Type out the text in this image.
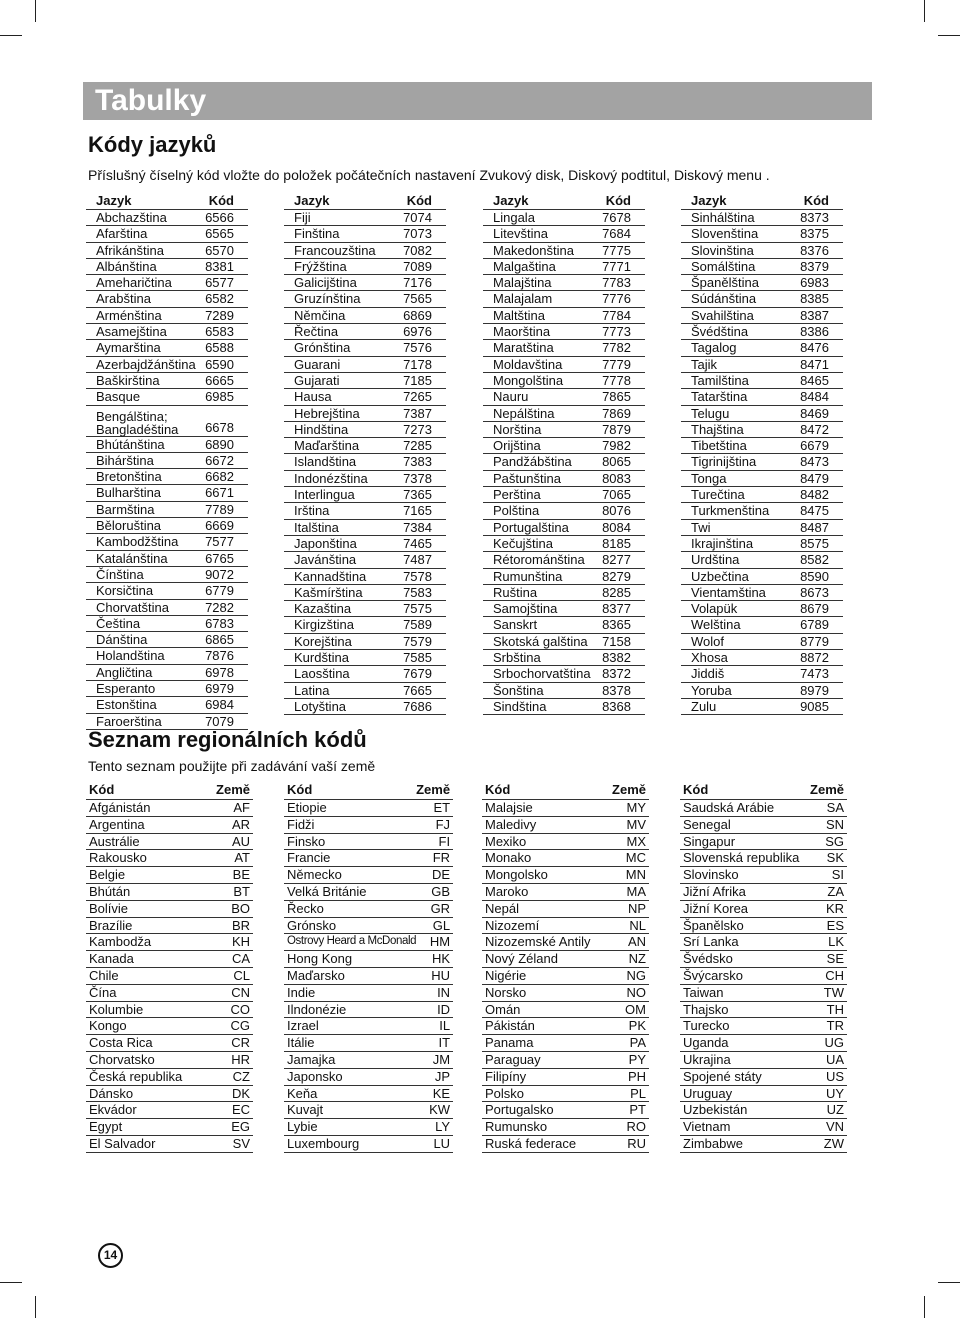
Tabulky
Kódy jazyků
Příslušný číselný kód vložte do položek počátečních nastavení Zvukový disk, Diskový podtitul, Diskový menu .
Jazyk	Kód
Abchazština	6566
Afarština	6565
Afrikánština	6570
Albánština	8381
Ameharičtina	6577
Arabština	6582
Arménština	7289
Asamejština	6583
Aymarština	6588
Azerbajdžánština	6590
Baškirština	6665
Basque	6985
Bengálština; Bangladéština	6678
Bhútánština	6890
Bihárština	6672
Bretonština	6682
Bulharština	6671
Barmština	7789
Běloruština	6669
Kambodžština	7577
Katalánština	6765
Čínština	9072
Korsičtina	6779
Chorvatština	7282
Čeština	6783
Dánština	6865
Holandština	7876
Angličtina	6978
Esperanto	6979
Estonština	6984
Faroerština	7079
Jazyk	Kód
Fiji	7074
Finština	7073
Francouzština	7082
Frýžština	7089
Galicijština	7176
Gruzínština	7565
Němčina	6869
Řečtina	6976
Grónština	7576
Guarani	7178
Gujarati	7185
Hausa	7265
Hebrejština	7387
Hindština	7273
Maďarština	7285
Islandština	7383
Indonézština	7378
Interlingua	7365
Irština	7165
Italština	7384
Japonština	7465
Javánština	7487
Kannadština	7578
Kašmírština	7583
Kazaština	7575
Kirgizština	7589
Korejština	7579
Kurdština	7585
Laosština	7679
Latina	7665
Lotyština	7686
Jazyk	Kód
Lingala	7678
Litevština	7684
Makedonština	7775
Malgaština	7771
Malajština	7783
Malajalam	7776
Maltština	7784
Maorština	7773
Maratština	7782
Moldavština	7779
Mongolština	7778
Nauru	7865
Nepálština	7869
Norština	7879
Orijština	7982
Pandžábština	8065
Paštunština	8083
Perština	7065
Polština	8076
Portugalština	8084
Kečujština	8185
Rétorománština	8277
Rumunština	8279
Ruština	8285
Samojština	8377
Sanskrt	8365
Skotská galština	7158
Srbština	8382
Srbochorvatština	8372
Šonština	8378
Sindština	8368
Jazyk	Kód
Sinhálština	8373
Slovenština	8375
Slovinština	8376
Somálština	8379
Španělština	6983
Súdánština	8385
Svahilština	8387
Švédština	8386
Tagalog	8476
Tajik	8471
Tamilština	8465
Tatarština	8484
Telugu	8469
Thajština	8472
Tibetština	6679
Tigrinijština	8473
Tonga	8479
Turečtina	8482
Turkmenština	8475
Twi	8487
Ikrajinština	8575
Urdština	8582
Uzbečtina	8590
Vientamština	8673
Volapük	8679
Welština	6789
Wolof	8779
Xhosa	8872
Jiddiš	7473
Yoruba	8979
Zulu	9085
Seznam regionálních kódů
Tento seznam použijte při zadávání vaší země
Kód	Země
Afgánistán	AF
Argentina	AR
Austrálie	AU
Rakousko	AT
Belgie	BE
Bhútán	BT
Bolívie	BO
Brazílie	BR
Kambodža	KH
Kanada	CA
Chile	CL
Čína	CN
Kolumbie	CO
Kongo	CG
Costa Rica	CR
Chorvatsko	HR
Česká republika	CZ
Dánsko	DK
Ekvádor	EC
Egypt	EG
El Salvador	SV
Kód	Země
Etiopie	ET
Fidži	FJ
Finsko	FI
Francie	FR
Německo	DE
Velká Británie	GB
Řecko	GR
Grónsko	GL
Ostrovy Heard a McDonald	HM
Hong Kong	HK
Maďarsko	HU
Indie	IN
Ilndonézie	ID
Izrael	IL
Itálie	IT
Jamajka	JM
Japonsko	JP
Keňa	KE
Kuvajt	KW
Lybie	LY
Luxembourg	LU
Kód	Země
Malajsie	MY
Maledivy	MV
Mexiko	MX
Monako	MC
Mongolsko	MN
Maroko	MA
Nepál	NP
Nizozemí	NL
Nizozemské Antily	AN
Nový Zéland	NZ
Nigérie	NG
Norsko	NO
Omán	OM
Pákistán	PK
Panama	PA
Paraguay	PY
Filipíny	PH
Polsko	PL
Portugalsko	PT
Rumunsko	RO
Ruská federace	RU
Kód	Země
Saudská Arábie	SA
Senegal	SN
Singapur	SG
Slovenská republika	SK
Slovinsko	SI
Jižní Afrika	ZA
Jižní Korea	KR
Španělsko	ES
Srí Lanka	LK
Švédsko	SE
Švýcarsko	CH
Taiwan	TW
Thajsko	TH
Turecko	TR
Uganda	UG
Ukrajina	UA
Spojené státy	US
Uruguay	UY
Uzbekistán	UZ
Vietnam	VN
Zimbabwe	ZW
14
